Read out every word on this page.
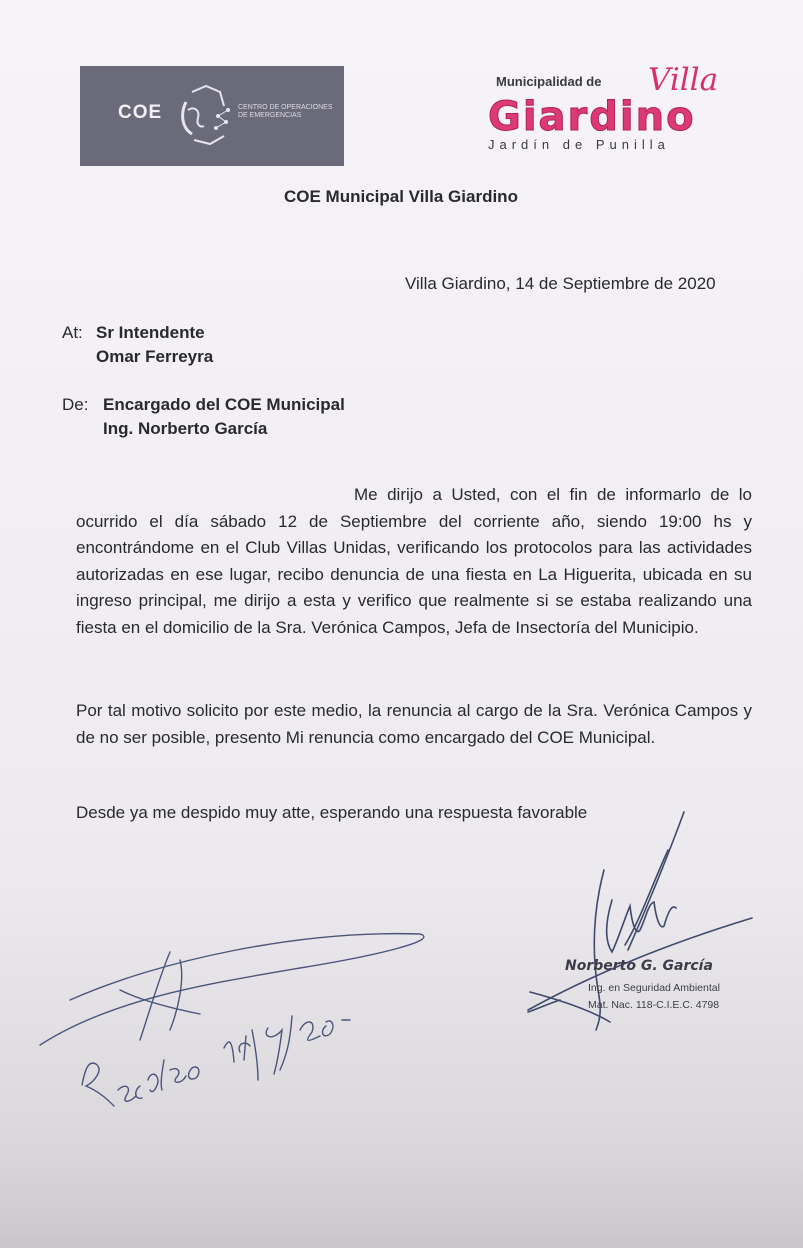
COE	CENTRO DE OPERACIONES DE EMERGENCIAS
Municipalidad de Villa
Giardino
Jardín de Punilla
COE Municipal Villa Giardino
Villa Giardino, 14 de Septiembre de 2020
At: Sr Intendente
Omar Ferreyra
De: Encargado del COE Municipal
Ing. Norberto García
Me dirijo a Usted, con el fin de informarlo de lo ocurrido el día sábado 12 de Septiembre del corriente año, siendo 19:00 hs y encontrándome en el Club Villas Unidas, verificando los protocolos para las actividades autorizadas en ese lugar, recibo denuncia de una fiesta en La Higuerita, ubicada en su ingreso principal, me dirijo a esta y verifico que realmente si se estaba realizando una fiesta en el domicilio de la Sra. Verónica Campos, Jefa de Insectoría del Municipio.
Por tal motivo solicito por este medio, la renuncia al cargo de la Sra. Verónica Campos y de no ser posible, presento Mi renuncia como encargado del COE Municipal.
Desde ya me despido muy atte, esperando una respuesta favorable
Norberto G. García
Ing. en Seguridad Ambiental
Mat. Nac. 118-C.I.E.C. 4798
